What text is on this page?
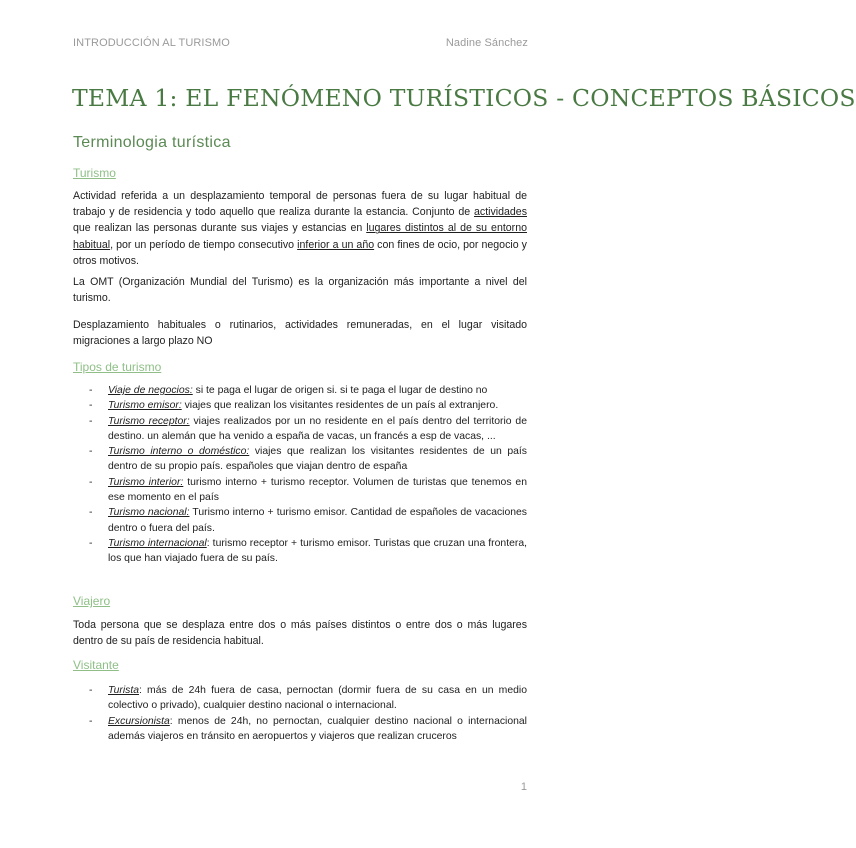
INTRODUCCIÓN AL TURISMO	Nadine Sánchez
TEMA 1: EL FENÓMENO TURÍSTICOS - CONCEPTOS BÁSICOS
Terminologia turística
Turismo

Actividad referida a un desplazamiento temporal de personas fuera de su lugar habitual de trabajo y de residencia y todo aquello que realiza durante la estancia. Conjunto de actividades que realizan las personas durante sus viajes y estancias en lugares distintos al de su entorno habitual, por un período de tiempo consecutivo inferior a un año con fines de ocio, por negocio y otros motivos.

La OMT (Organización Mundial del Turismo) es la organización más importante a nivel del turismo.

Desplazamiento habituales o rutinarios, actividades remuneradas, en el lugar visitado migraciones a largo plazo NO

Tipos de turismo
- Viaje de negocios: si te paga el lugar de origen si. si te paga el lugar de destino no
- Turismo emisor: viajes que realizan los visitantes residentes de un país al extranjero.
- Turismo receptor: viajes realizados por un no residente en el país dentro del territorio de destino. un alemán que ha venido a españa de vacas, un francés a esp de vacas, ...
- Turismo interno o doméstico: viajes que realizan los visitantes residentes de un país dentro de su propio país. españoles que viajan dentro de españa
- Turismo interior: turismo interno + turismo receptor. Volumen de turistas que tenemos en ese momento en el país
- Turismo nacional: Turismo interno + turismo emisor. Cantidad de españoles de vacaciones dentro o fuera del país.
- Turismo internacional: turismo receptor + turismo emisor. Turistas que cruzan una frontera, los que han viajado fuera de su país.
Viajero

Toda persona que se desplaza entre dos o más países distintos o entre dos o más lugares dentro de su país de residencia habitual.

Visitante
- Turista: más de 24h fuera de casa, pernoctan (dormir fuera de su casa en un medio colectivo o privado), cualquier destino nacional o internacional.
- Excursionista: menos de 24h, no pernoctan, cualquier destino nacional o internacional además viajeros en tránsito en aeropuertos y viajeros que realizan cruceros
1
